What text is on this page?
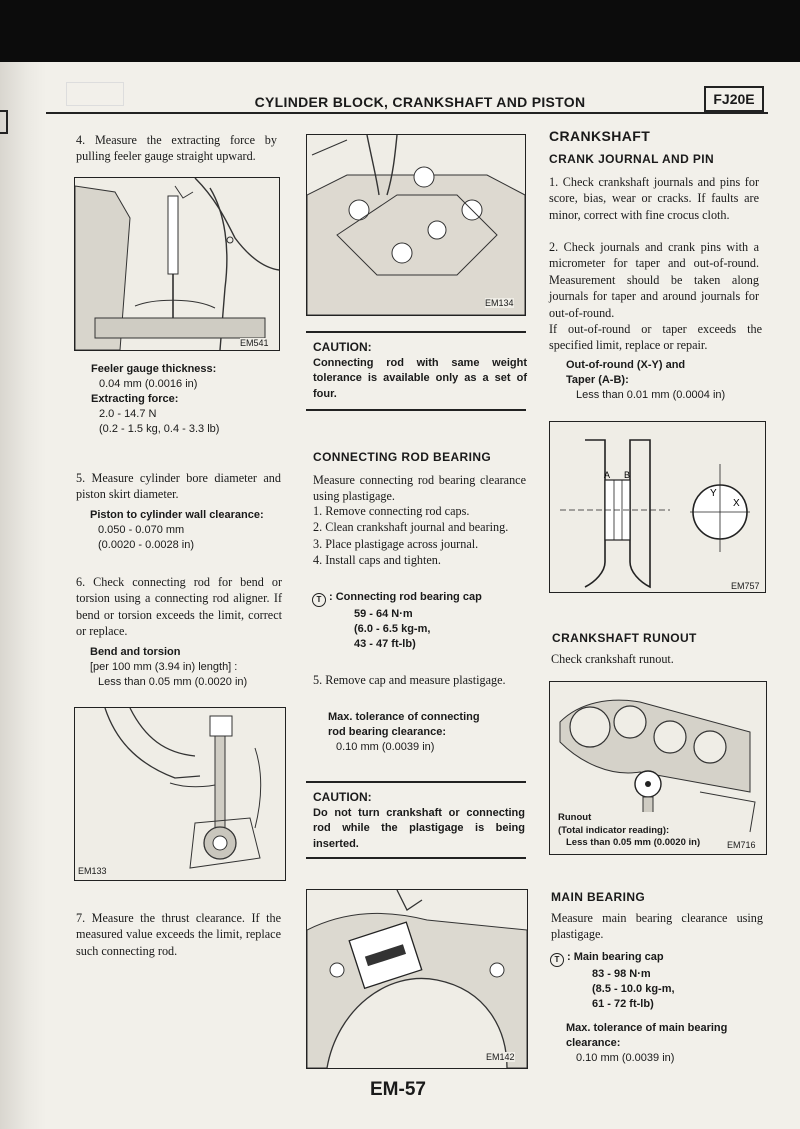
CYLINDER BLOCK, CRANKSHAFT AND PISTON	FJ20E
4. Measure the extracting force by pulling feeler gauge straight upward.
EM541
Feeler gauge thickness:
0.04 mm (0.0016 in)
Extracting force:
2.0 - 14.7 N
(0.2 - 1.5 kg, 0.4 - 3.3 lb)
5. Measure cylinder bore diameter and piston skirt diameter.
Piston to cylinder wall clearance:
0.050 - 0.070 mm
(0.0020 - 0.0028 in)
6. Check connecting rod for bend or torsion using a connecting rod aligner. If bend or torsion exceeds the limit, correct or replace.
Bend and torsion
[per 100 mm (3.94 in) length] :
Less than 0.05 mm (0.0020 in)
EM133
7. Measure the thrust clearance. If the measured value exceeds the limit, replace such connecting rod.
EM134
CAUTION:
Connecting rod with same weight tolerance is available only as a set of four.
CONNECTING ROD BEARING
Measure connecting rod bearing clearance using plastigage.
1. Remove connecting rod caps.
2. Clean crankshaft journal and bearing.
3. Place plastigage across journal.
4. Install caps and tighten.
T : Connecting rod bearing cap
59 - 64 N·m
(6.0 - 6.5 kg-m,
43 - 47 ft-lb)
5. Remove cap and measure plastigage.
Max. tolerance of connecting
rod bearing clearance:
0.10 mm (0.0039 in)
CAUTION:
Do not turn crankshaft or connecting rod while the plastigage is being inserted.
EM142
CRANKSHAFT
CRANK JOURNAL AND PIN
1. Check crankshaft journals and pins for score, bias, wear or cracks. If faults are minor, correct with fine crocus cloth.
2. Check journals and crank pins with a micrometer for taper and out-of-round. Measurement should be taken along journals for taper and around journals for out-of-round.
If out-of-round or taper exceeds the specified limit, replace or repair.
Out-of-round (X-Y) and
Taper (A-B):
Less than 0.01 mm (0.0004 in)
A B
Y
X
EM757
CRANKSHAFT RUNOUT
Check crankshaft runout.
Runout
(Total indicator reading):
Less than 0.05 mm (0.0020 in)	EM716
MAIN BEARING
Measure main bearing clearance using plastigage.
T : Main bearing cap
83 - 98 N·m
(8.5 - 10.0 kg-m,
61 - 72 ft-lb)
Max. tolerance of main bearing
clearance:
0.10 mm (0.0039 in)
EM-57
